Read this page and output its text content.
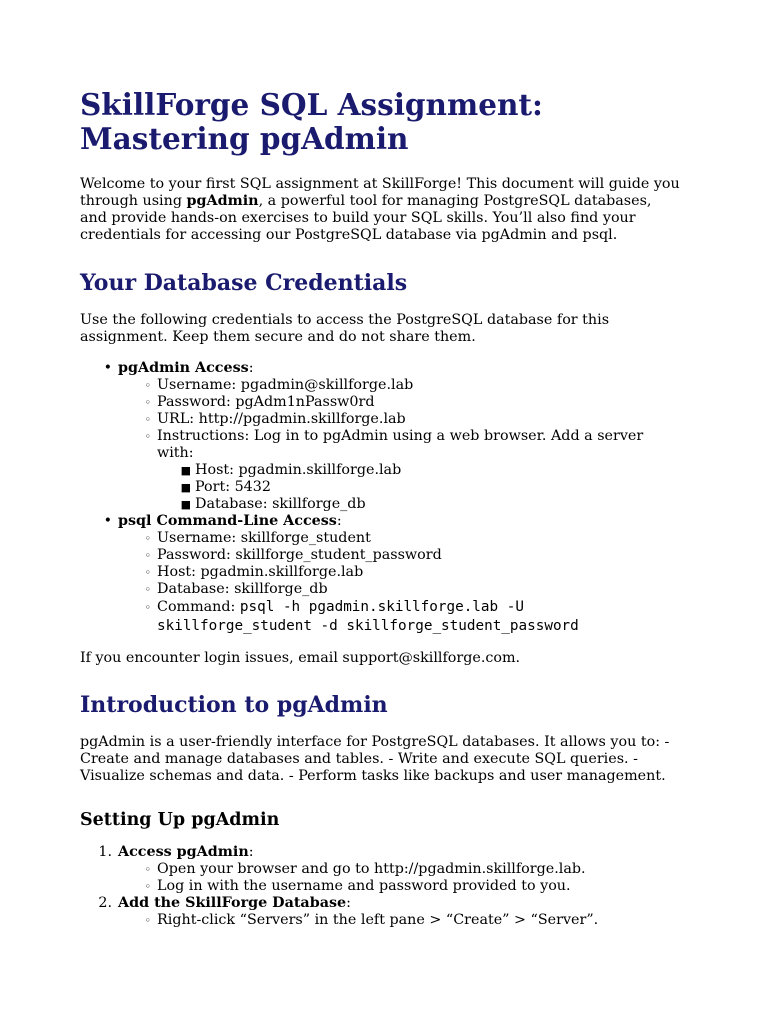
SkillForge SQL Assignment:
Mastering pgAdmin

Welcome to your first SQL assignment at SkillForge! This document will guide you through using pgAdmin, a powerful tool for managing PostgreSQL databases, and provide hands-on exercises to build your SQL skills. You’ll also find your credentials for accessing our PostgreSQL database via pgAdmin and psql.

Your Database Credentials

Use the following credentials to access the PostgreSQL database for this assignment. Keep them secure and do not share them.

• pgAdmin Access:
◦ Username: pgadmin@skillforge.lab
◦ Password: pgAdm1nPassw0rd
◦ URL: http://pgadmin.skillforge.lab
◦ Instructions: Log in to pgAdmin using a web browser. Add a server with:
■ Host: pgadmin.skillforge.lab
■ Port: 5432
■ Database: skillforge_db
• psql Command-Line Access:
◦ Username: skillforge_student
◦ Password: skillforge_student_password
◦ Host: pgadmin.skillforge.lab
◦ Database: skillforge_db
◦ Command: psql -h pgadmin.skillforge.lab -U
skillforge_student -d skillforge_student_password

If you encounter login issues, email support@skillforge.com.

Introduction to pgAdmin

pgAdmin is a user-friendly interface for PostgreSQL databases. It allows you to: - Create and manage databases and tables. - Write and execute SQL queries. - Visualize schemas and data. - Perform tasks like backups and user management.

Setting Up pgAdmin
1. Access pgAdmin:
◦ Open your browser and go to http://pgadmin.skillforge.lab.
◦ Log in with the username and password provided to you.
2. Add the SkillForge Database:
◦ Right-click “Servers” in the left pane > “Create” > “Server”.
